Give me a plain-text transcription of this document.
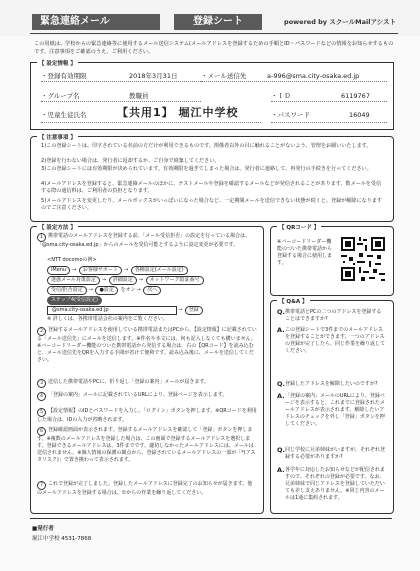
緊急連絡メール	登録シート	powered by スクールMailアシスト
この用紙は、学校からの緊急連絡等に使用するメール送信システム(メールアドレスを登録するための手順とID・パスワードなどの情報をお知らせするものです。注意事項をご確認のうえ、ご利用ください。
【 設定情報 】
・登録有効期限	2018年3月31日	・メール送信先	a-996@sma.city-osaka.ed.jp
・グループ名	教職員	・ＩＤ	6119767
・児童生徒氏名	【共用1】 堀江中学校	・パスワード	16049
【 注意事項 】
1)この登録シートは、印字されている名前の方だけが利用できるものです。関係者以外の目に触れることがないよう、管理をお願いいたします。
2)登録を行わない場合は、発行者に返却するか、ご自身で廃棄してください。
3)この登録シートには有効期限が決められています。有効期限を過ぎてしまった場合は、発行者に連絡して、再発行の手続きを行ってください。
4)メールアドレスを登録すると、緊急連絡メールのほかに、テストメールや登録を確認するメールなどが発信されることがあります。数メールを受信する際の通信料は、ご利用者の負担となります。
5)メールアドレスを変更したり、メールボックスがいっぱいになった場合など、一定期間メールを送信できない状態が続くと、登録が解除になりますのでご注意ください。
【 設定方法 】
1 携帯電話のメールアドレスを登録する前、「メール受信拒否」の設定を行っている場合は、「@sma.city-osaka.ed.jp」からのメールを受信可能とするように設定変更が必要です。
<NTT docomoの例>
iMenu → お客様サポート → 各種設定(メール設定)
迷惑メール対策設定 → 詳細設定 → ネットワーク暗証番号
受信/拒否設定 → ●設定 をオン→ 次へ
ステップ4(受信設定)
@sma.city-osaka.ed.jp	→ 登録
※ 詳しくは、各携帯電話会社の案内をご覧ください。
2 登録するメールアドレスを使用している携帯電話またはPCから、【設定情報】に記載されている「メール送信先」にメールを送信します。※件名や本文には、何も記入しなくても構いません。※バーコードリーダー機能のついた携帯電話から発信する場合は、右の【QRコード】を読み込むと、メール送信先をQRを入力する手間が省けて便利です。読み込み後に、メールを送信してください。
3 送信した携帯電話やPCに、折り返し「登録の案内」メールが届きます。
4 「登録の案内」メールに記載されているURLにより、登録ページを表示します。
5 【設定情報】のIDとパスワードを入力し、「ログイン」ボタンを押します。※QRコードを利用した場合は、IDの入力が省略されます。
6 登録確認画面が表示されます。登録するメールアドレスを確認して「登録」ボタンを押します。※複数のメールアドレスを登録した場合は、この画面で登録するメールアドレスを選択します。登録できるメールアドレスは、3件までです。適切しなかったメールアドレスには、メールは送信されません。※個人情報の保護の観点から、登録されているメールアドレスの一部が「*(アスタリスク)」で置き換わって表示されます。
7 これで登録が完了しました。登録したメールアドレスに登録完了のお知らせが届きます。他のメールアドレスを登録する場合は、①からの作業を繰り返してください。
【 QRコード 】
※バーコードリーダー機能のついた携帯電話から登録する場合に使用します。
【 Q&A 】
Q.携帯電話とPCの二つのアドレスを登録することはできますか?
A.この登録シートで3件までのメールアドレスを登録することができます。一つのアドレスの登録が完了したら、同じ作業を繰り返してください。
Q.登録したアドレスを解除したいのですが?
A.「登録の案内」メールのURLにより、登録ページを表示すると、これまでに登録されたメールアドレスが表示されます。解除したいアドレスのチェックを外し「登録」ボタンを押してください。
Q.同じ学校に兄弟姉妹がいますが、それぞれ登録する必要がありますか?
A.各学年に対応したお知らせなどが配信されますので、それぞれの登録が必要です。なお、兄弟姉妹で同じアドレスを登録していただいても差し支えありません。※同じ内容のメールは1通に集約されます。
■発行者
堀江中学校 4531-7868
